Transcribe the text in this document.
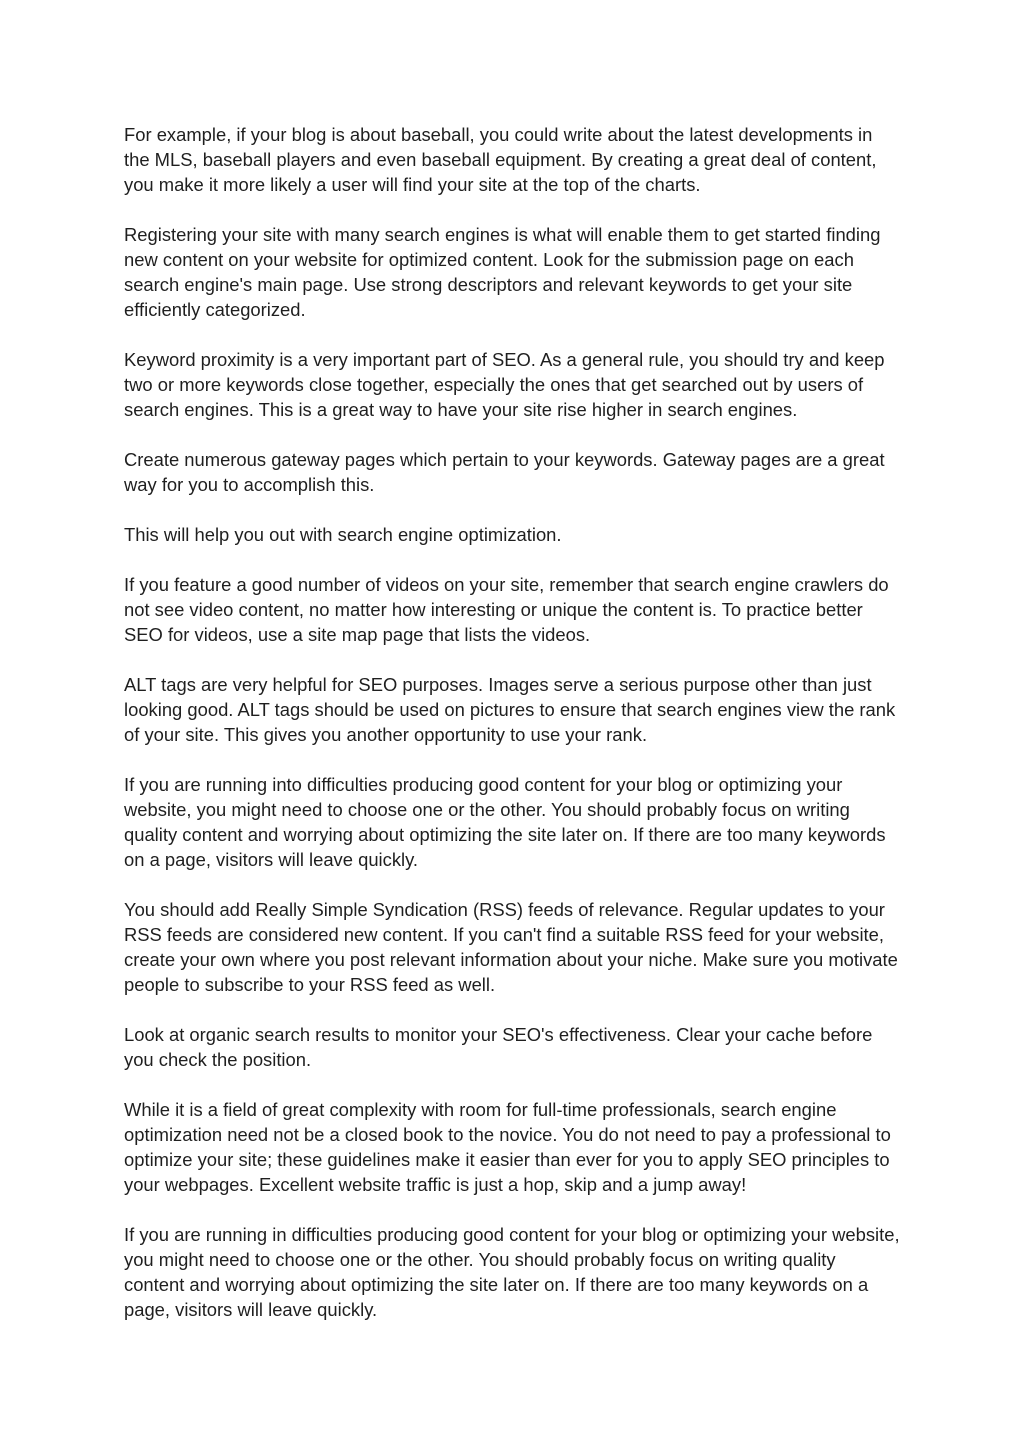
For example, if your blog is about baseball, you could write about the latest developments in the MLS, baseball players and even baseball equipment. By creating a great deal of content, you make it more likely a user will find your site at the top of the charts.

Registering your site with many search engines is what will enable them to get started finding new content on your website for optimized content. Look for the submission page on each search engine's main page. Use strong descriptors and relevant keywords to get your site efficiently categorized.

Keyword proximity is a very important part of SEO. As a general rule, you should try and keep two or more keywords close together, especially the ones that get searched out by users of search engines. This is a great way to have your site rise higher in search engines.

Create numerous gateway pages which pertain to your keywords. Gateway pages are a great way for you to accomplish this.

This will help you out with search engine optimization.

If you feature a good number of videos on your site, remember that search engine crawlers do not see video content, no matter how interesting or unique the content is. To practice better SEO for videos, use a site map page that lists the videos.

ALT tags are very helpful for SEO purposes. Images serve a serious purpose other than just looking good. ALT tags should be used on pictures to ensure that search engines view the rank of your site. This gives you another opportunity to use your rank.

If you are running into difficulties producing good content for your blog or optimizing your website, you might need to choose one or the other. You should probably focus on writing quality content and worrying about optimizing the site later on. If there are too many keywords on a page, visitors will leave quickly.

You should add Really Simple Syndication (RSS) feeds of relevance. Regular updates to your RSS feeds are considered new content. If you can't find a suitable RSS feed for your website, create your own where you post relevant information about your niche. Make sure you motivate people to subscribe to your RSS feed as well.

Look at organic search results to monitor your SEO's effectiveness. Clear your cache before you check the position.

While it is a field of great complexity with room for full-time professionals, search engine optimization need not be a closed book to the novice. You do not need to pay a professional to optimize your site; these guidelines make it easier than ever for you to apply SEO principles to your webpages. Excellent website traffic is just a hop, skip and a jump away!

If you are running in difficulties producing good content for your blog or optimizing your website, you might need to choose one or the other. You should probably focus on writing quality content and worrying about optimizing the site later on. If there are too many keywords on a page, visitors will leave quickly.
